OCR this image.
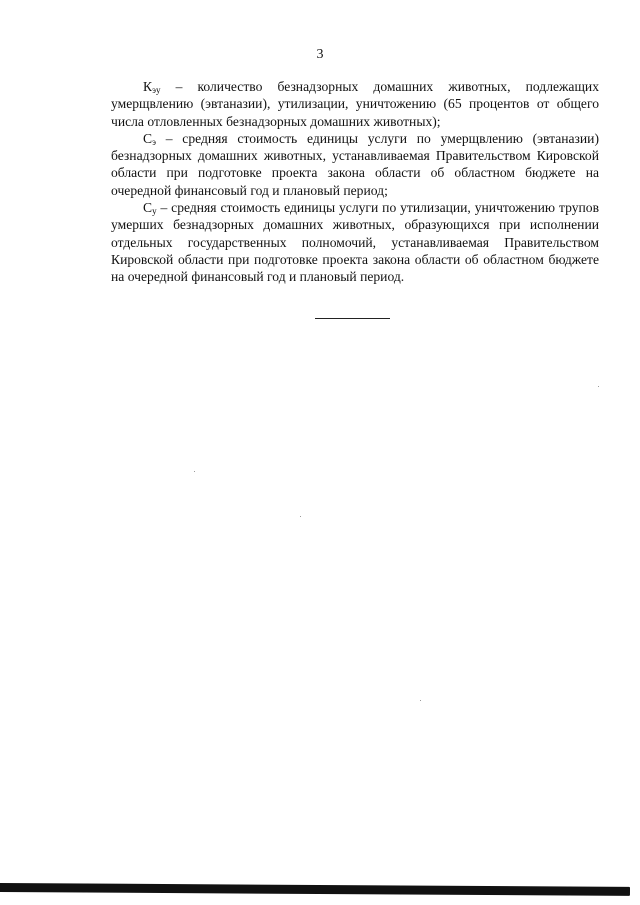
3

Кэу – количество безнадзорных домашних животных, подлежащих умерщвлению (эвтаназии), утилизации, уничтожению (65 процентов от общего числа отловленных безнадзорных домашних животных);

Сэ – средняя стоимость единицы услуги по умерщвлению (эвтаназии) безнадзорных домашних животных, устанавливаемая Правительством Кировской области при подготовке проекта закона области об областном бюджете на очередной финансовый год и плановый период;

Су – средняя стоимость единицы услуги по утилизации, уничтожению трупов умерших безнадзорных домашних животных, образующихся при исполнении отдельных государственных полномочий, устанавливаемая Правительством Кировской области при подготовке проекта закона области об областном бюджете на очередной финансовый год и плановый период.
